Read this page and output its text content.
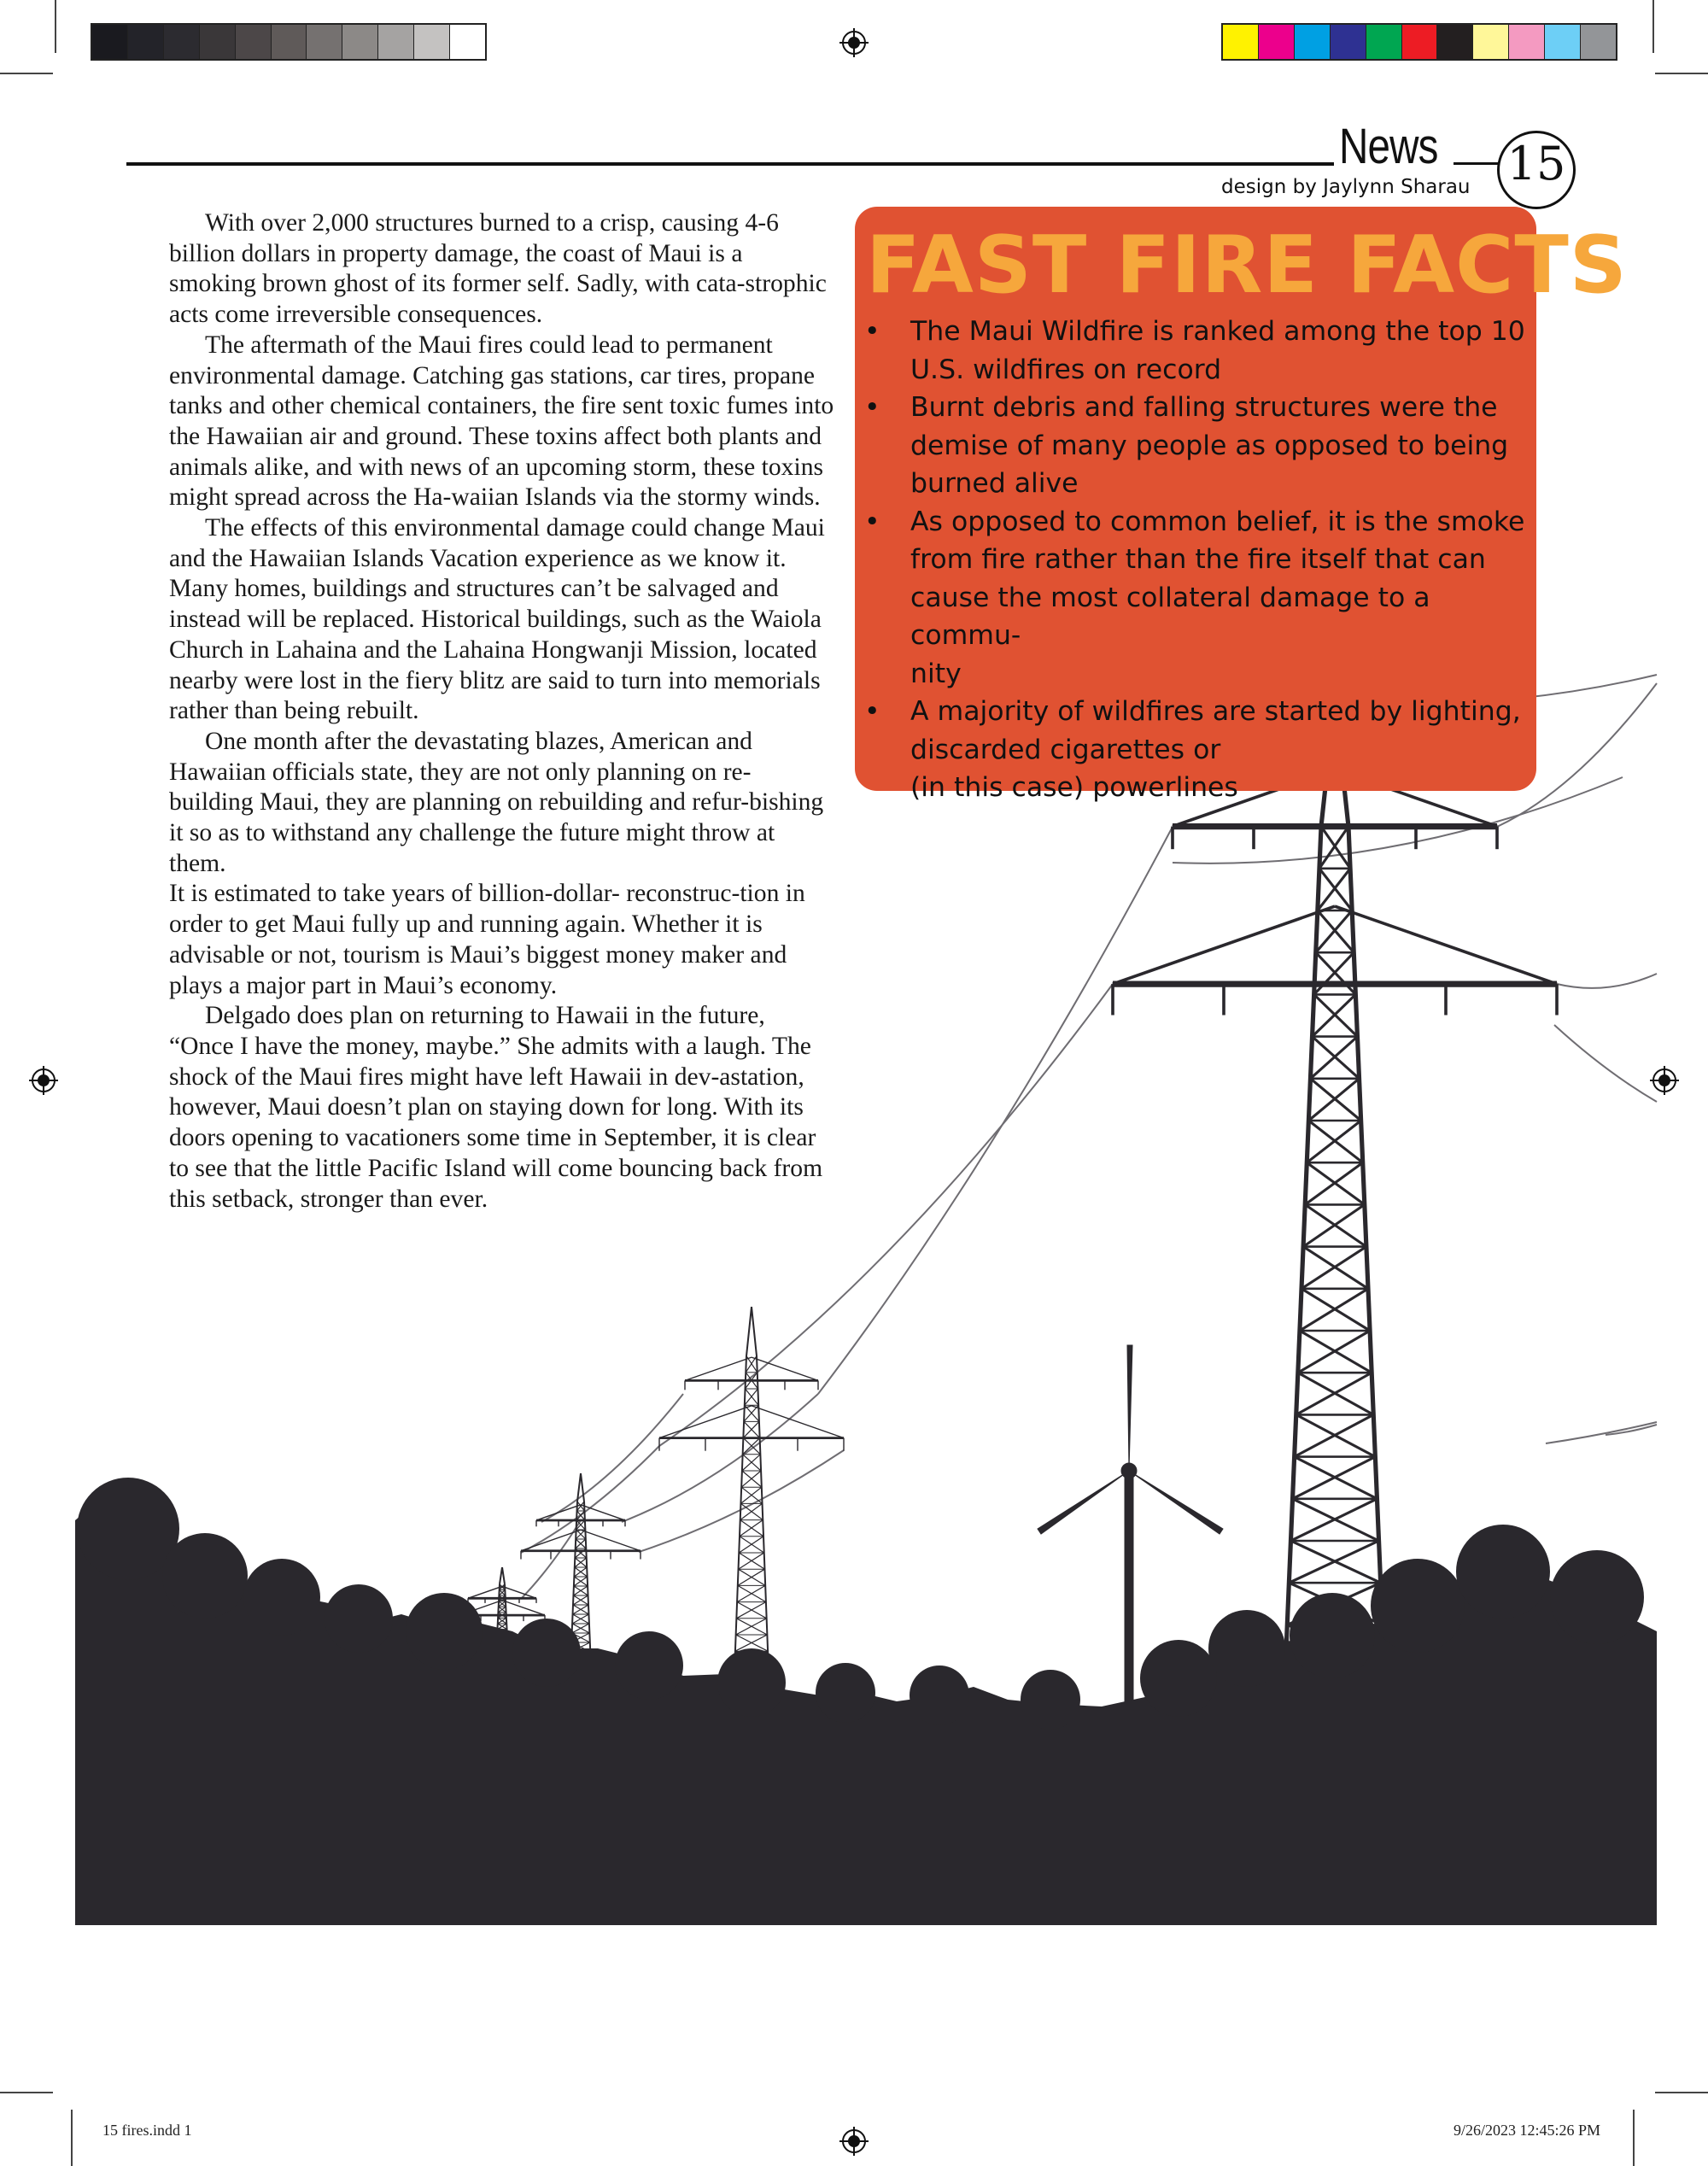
News 15
design by Jaylynn Sharau

With over 2,000 structures burned to a crisp, causing 4-6 billion dollars in property damage, the coast of Maui is a smoking brown ghost of its former self. Sadly, with cata-strophic acts come irreversible consequences.

The aftermath of the Maui fires could lead to permanent environmental damage. Catching gas stations, car tires, propane tanks and other chemical containers, the fire sent toxic fumes into the Hawaiian air and ground. These toxins affect both plants and animals alike, and with news of an upcoming storm, these toxins might spread across the Ha-waiian Islands via the stormy winds.

The effects of this environmental damage could change Maui and the Hawaiian Islands Vacation experience as we know it. Many homes, buildings and structures can’t be salvaged and instead will be replaced. Historical buildings, such as the Waiola Church in Lahaina and the Lahaina Hongwanji Mission, located nearby were lost in the fiery blitz are said to turn into memorials rather than being rebuilt.

One month after the devastating blazes, American and Hawaiian officials state, they are not only planning on re-building Maui, they are planning on rebuilding and refur-bishing it so as to withstand any challenge the future might throw at them.

It is estimated to take years of billion-dollar- reconstruc-tion in order to get Maui fully up and running again. Whether it is advisable or not, tourism is Maui’s biggest money maker and plays a major part in Maui’s economy.

Delgado does plan on returning to Hawaii in the future, “Once I have the money, maybe.” She admits with a laugh. The shock of the Maui fires might have left Hawaii in dev-astation, however, Maui doesn’t plan on staying down for long. With its doors opening to vacationers some time in September, it is clear to see that the little Pacific Island will come bouncing back from this setback, stronger than ever.

FAST FIRE FACTS
•	The Maui Wildfire is ranked among the top 10
U.S. wildfires on record
•	Burnt debris and falling structures were the
demise of many people as opposed to being
burned alive
•	As opposed to common belief, it is the smoke
from fire rather than the fire itself that can
cause the most collateral damage to a commu-
nity
•	A majority of wildfires are started by lighting,
discarded cigarettes or
(in this case) powerlines
15 fires.indd 1	9/26/2023 12:45:26 PM
